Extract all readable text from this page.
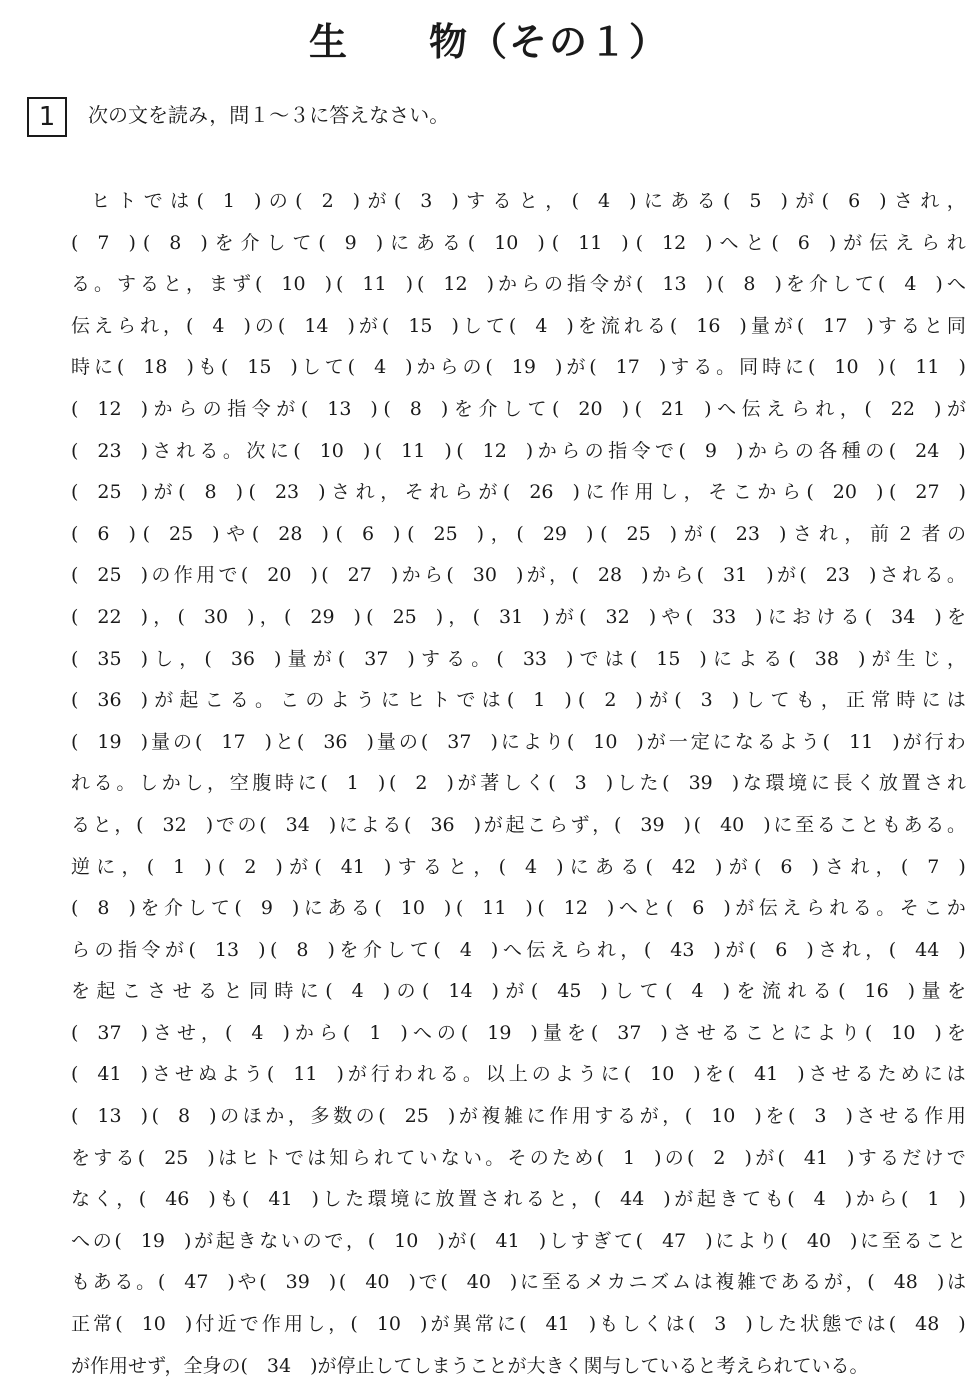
生　　物（その１）
1	次の文を読み，問１～３に答えなさい。
ヒ ト で は (　1　) の (　2　) が (　3　) す る と ， (　4　) に あ る (　5　) が (　6　) さ れ ，
(　7　) (　8　) を 介 し て (　9　) に あ る (　10　) (　11　) (　12　) へ と (　6　) が 伝 え ら れ
る 。 す る と ， ま ず (　10　) (　11　) (　12　) か ら の 指 令 が (　13　) (　8　) を 介 し て (　4　) へ
伝 え ら れ ， (　4　) の (　14　) が (　15　) し て (　4　) を 流 れ る (　16　) 量 が (　17　) す る と 同
時 に (　18　) も (　15　) し て (　4　) か ら の (　19　) が (　17　) す る 。 同 時 に (　10　) (　11　)
(　12　) か ら の 指 令 が (　13　) (　8　) を 介 し て (　20　) (　21　) へ 伝 え ら れ ， (　22　) が
(　23　) さ れ る 。 次 に (　10　) (　11　) (　12　) か ら の 指 令 で (　9　) か ら の 各 種 の (　24　)
(　25　) が (　8　) (　23　) さ れ ， そ れ ら が (　26　) に 作 用 し ， そ こ か ら (　20　) (　27　)
(　6　) (　25　) や (　28　) (　6　) (　25　) ， (　29　) (　25　) が (　23　) さ れ ， 前 ２ 者 の
(　25　) の 作 用 で (　20　) (　27　) か ら (　30　) が ， (　28　) か ら (　31　) が (　23　) さ れ る 。
(　22　) ， (　30　) ， (　29　) (　25　) ， (　31　) が (　32　) や (　33　) に お け る (　34　) を
(　35　) し ， (　36　) 量 が (　37　) す る 。 (　33　) で は (　15　) に よ る (　38　) が 生 じ ，
(　36　) が 起 こ る 。 こ の よ う に ヒ ト で は (　1　) (　2　) が (　3　) し て も ， 正 常 時 に は
(　19　) 量 の (　17　) と (　36　) 量 の (　37　) に よ り (　10　) が 一 定 に な る よ う (　11　) が 行 わ
れ る 。 し か し ， 空 腹 時 に (　1　) (　2　) が 著 し く (　3　) し た (　39　) な 環 境 に 長 く 放 置 さ れ
る と ， (　32　) で の (　34　) に よ る (　36　) が 起 こ ら ず ， (　39　) (　40　) に 至 る こ と も あ る 。
逆 に ， (　1　) (　2　) が (　41　) す る と ， (　4　) に あ る (　42　) が (　6　) さ れ ， (　7　)
(　8　) を 介 し て (　9　) に あ る (　10　) (　11　) (　12　) へ と (　6　) が 伝 え ら れ る 。 そ こ か
ら の 指 令 が (　13　) (　8　) を 介 し て (　4　) へ 伝 え ら れ ， (　43　) が (　6　) さ れ ， (　44　)
を 起 こ さ せ る と 同 時 に (　4　) の (　14　) が (　45　) し て (　4　) を 流 れ る (　16　) 量 を
(　37　) さ せ ， (　4　) か ら (　1　) へ の (　19　) 量 を (　37　) さ せ る こ と に よ り (　10　) を
(　41　) さ せ ぬ よ う (　11　) が 行 わ れ る 。 以 上 の よ う に (　10　) を (　41　) さ せ る た め に は
(　13　) (　8　) の ほ か ， 多 数 の (　25　) が 複 雑 に 作 用 す る が ， (　10　) を (　3　) さ せ る 作 用
を す る (　25　) は ヒ ト で は 知 ら れ て い な い 。 そ の た め (　1　) の (　2　) が (　41　) す る だ け で
な く ， (　46　) も (　41　) し た 環 境 に 放 置 さ れ る と ， (　44　) が 起 き て も (　4　) か ら (　1　)
へ の (　19　) が 起 き な い の で ， (　10　) が (　41　) し す ぎ て (　47　) に よ り (　40　) に 至 る こ と
も あ る 。 (　47　) や (　39　) (　40　) で (　40　) に 至 る メ カ ニ ズ ム は 複 雑 で あ る が ， (　48　) は
正 常 (　10　) 付 近 で 作 用 し ， (　10　) が 異 常 に (　41　) も し く は (　3　) し た 状 態 で は (　48　)
が作用せず，全身の(　34　)が停止してしまうことが大きく関与していると考えられている。
